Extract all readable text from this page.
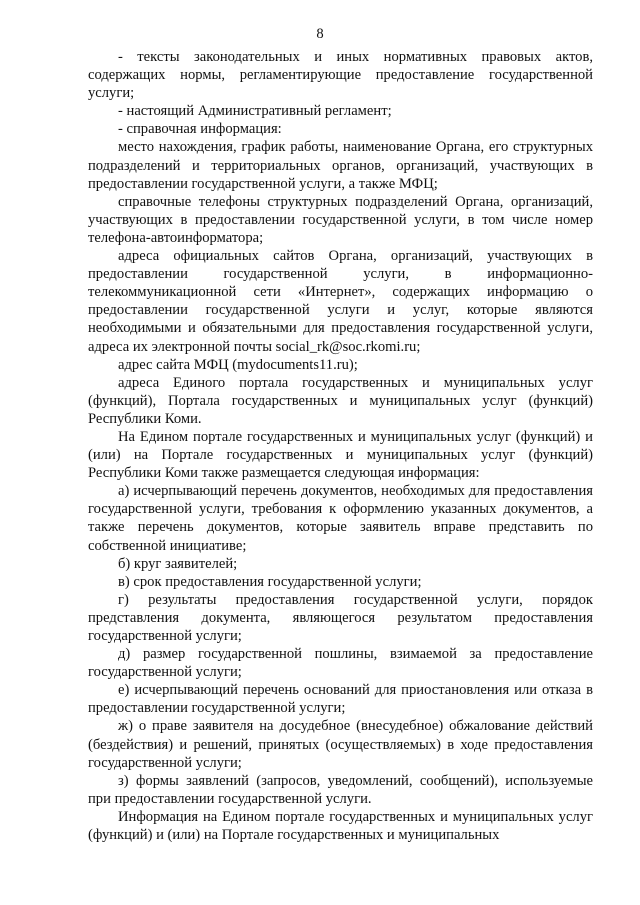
8

- тексты законодательных и иных нормативных правовых актов, содержащих нормы, регламентирующие предоставление государственной услуги;

- настоящий Административный регламент;

- справочная информация:

место нахождения, график работы, наименование Органа, его структурных подразделений и территориальных органов, организаций, участвующих в предоставлении государственной услуги, а также МФЦ;

справочные телефоны структурных подразделений Органа, организаций, участвующих в предоставлении государственной услуги, в том числе номер телефона-автоинформатора;

адреса официальных сайтов Органа, организаций, участвующих в предоставлении государственной услуги, в информационно-телекоммуникационной сети «Интернет», содержащих информацию о предоставлении государственной услуги и услуг, которые являются необходимыми и обязательными для предоставления государственной услуги, адреса их электронной почты social_rk@soc.rkomi.ru;

адрес сайта МФЦ (mydocuments11.ru);

адреса Единого портала государственных и муниципальных услуг (функций), Портала государственных и муниципальных услуг (функций) Республики Коми.

На Едином портале государственных и муниципальных услуг (функций) и (или) на Портале государственных и муниципальных услуг (функций) Республики Коми также размещается следующая информация:

а) исчерпывающий перечень документов, необходимых для предоставления государственной услуги, требования к оформлению указанных документов, а также перечень документов, которые заявитель вправе представить по собственной инициативе;

б) круг заявителей;

в) срок предоставления государственной услуги;

г) результаты предоставления государственной услуги, порядок представления документа, являющегося результатом предоставления государственной услуги;

д) размер государственной пошлины, взимаемой за предоставление государственной услуги;

е) исчерпывающий перечень оснований для приостановления или отказа в предоставлении государственной услуги;

ж) о праве заявителя на досудебное (внесудебное) обжалование действий (бездействия) и решений, принятых (осуществляемых) в ходе предоставления государственной услуги;

з) формы заявлений (запросов, уведомлений, сообщений), используемые при предоставлении государственной услуги.

Информация на Едином портале государственных и муниципальных услуг (функций) и (или) на Портале государственных и муниципальных
